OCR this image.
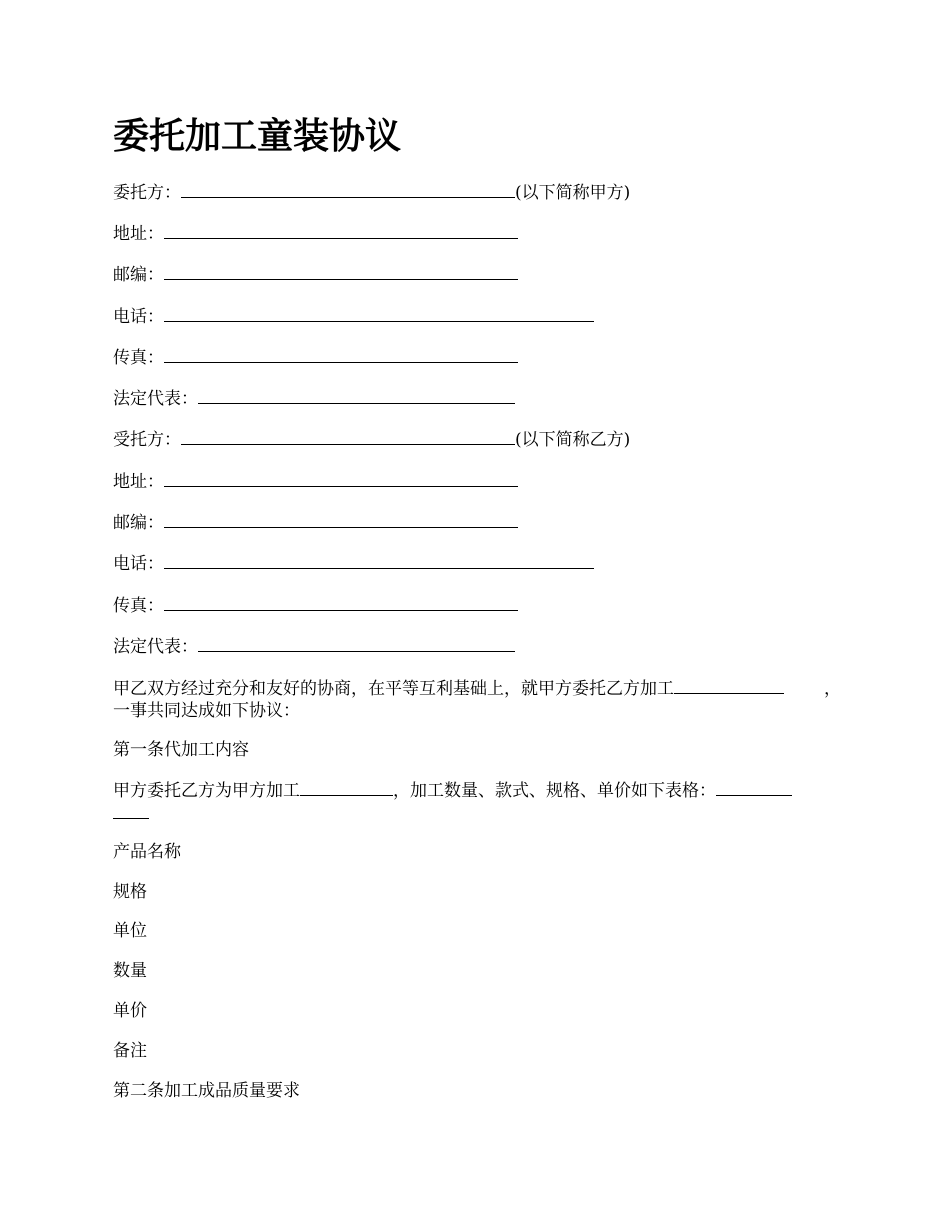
委托加工童装协议

委托方：	(以下简称甲方)

地址：

邮编：

电话：

传真：

法定代表：

受托方：	(以下简称乙方)

地址：

邮编：

电话：

传真：

法定代表：

甲乙双方经过充分和友好的协商，在平等互利基础上，就甲方委托乙方加工	，
一事共同达成如下协议：

第一条代加工内容

甲方委托乙方为甲方加工	，加工数量、款式、规格、单价如下表格：

产品名称

规格

单位

数量

单价

备注

第二条加工成品质量要求
